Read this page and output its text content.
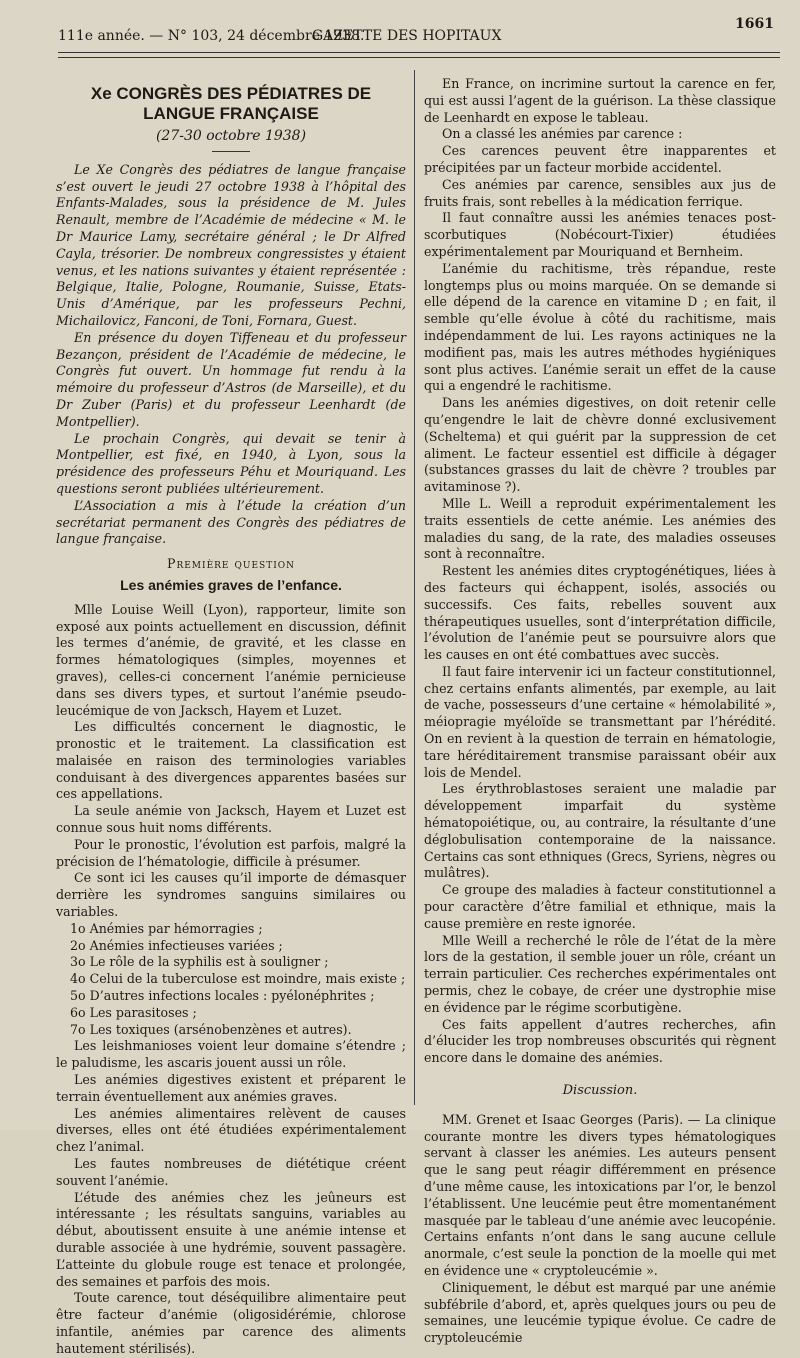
111e année. — N° 103, 24 décembre 1938.
GAZETTE DES HOPITAUX
1661

Xe CONGRÈS DES PÉDIATRES DE LANGUE FRANÇAISE

(27-30 octobre 1938)

Le Xe Congrès des pédiatres de langue française s’est ouvert le jeudi 27 octobre 1938 à l’hôpital des Enfants-Malades, sous la présidence de M. Jules Renault, membre de l’Académie de médecine « M. le Dr Maurice Lamy, secrétaire général ; le Dr Alfred Cayla, trésorier. De nombreux congressistes y étaient venus, et les nations suivantes y étaient représentée : Belgique, Italie, Pologne, Roumanie, Suisse, Etats-Unis d’Amérique, par les professeurs Pechni, Michailovicz, Fanconi, de Toni, Fornara, Guest.

En présence du doyen Tiffeneau et du professeur Bezançon, président de l’Académie de médecine, le Congrès fut ouvert. Un hommage fut rendu à la mémoire du professeur d’Astros (de Marseille), et du Dr Zuber (Paris) et du professeur Leenhardt (de Montpellier).

Le prochain Congrès, qui devait se tenir à Montpellier, est fixé, en 1940, à Lyon, sous la présidence des professeurs Péhu et Mouriquand. Les questions seront publiées ultérieurement.

L’Association a mis à l’étude la création d’un secrétariat permanent des Congrès des pédiatres de langue française.

Première question

Les anémies graves de l’enfance.

Mlle Louise Weill (Lyon), rapporteur, limite son exposé aux points actuellement en discussion, définit les termes d’anémie, de gravité, et les classe en formes hématologiques (simples, moyennes et graves), celles-ci concernent l’anémie pernicieuse dans ses divers types, et surtout l’anémie pseudo-leucémique de von Jacksch, Hayem et Luzet.

Les difficultés concernent le diagnostic, le pronostic et le traitement. La classification est malaisée en raison des terminologies variables conduisant à des divergences apparentes basées sur ces appellations.

La seule anémie von Jacksch, Hayem et Luzet est connue sous huit noms différents.

Pour le pronostic, l’évolution est parfois, malgré la précision de l’hématologie, difficile à présumer.

Ce sont ici les causes qu’il importe de démasquer derrière les syndromes sanguins similaires ou variables.

1o Anémies par hémorragies ;

2o Anémies infectieuses variées ;

3o Le rôle de la syphilis est à souligner ;

4o Celui de la tuberculose est moindre, mais existe ;

5o D’autres infections locales : pyélonéphrites ;

6o Les parasitoses ;

7o Les toxiques (arsénobenzènes et autres).

Les leishmanioses voient leur domaine s’étendre ; le paludisme, les ascaris jouent aussi un rôle.

Les anémies digestives existent et préparent le terrain éventuellement aux anémies graves.

Les anémies alimentaires relèvent de causes diverses, elles ont été étudiées expérimentalement chez l’animal.

Les fautes nombreuses de diététique créent souvent l’anémie.

L’étude des anémies chez les jeûneurs est intéressante ; les résultats sanguins, variables au début, aboutissent ensuite à une anémie intense et durable associée à une hydrémie, souvent passagère. L’atteinte du globule rouge est tenace et prolongée, des semaines et parfois des mois.

Toute carence, tout déséquilibre alimentaire peut être facteur d’anémie (oligosidérémie, chlorose infantile, anémies par carence des aliments hautement stérilisés).

En France, on incrimine surtout la carence en fer, qui est aussi l’agent de la guérison. La thèse classique de Leenhardt en expose le tableau.

On a classé les anémies par carence :

Ces carences peuvent être inapparentes et précipitées par un facteur morbide accidentel.

Ces anémies par carence, sensibles aux jus de fruits frais, sont rebelles à la médication ferrique.

Il faut connaître aussi les anémies tenaces post-scorbutiques (Nobécourt-Tixier) étudiées expérimentalement par Mouriquand et Bernheim.

L’anémie du rachitisme, très répandue, reste longtemps plus ou moins marquée. On se demande si elle dépend de la carence en vitamine D ; en fait, il semble qu’elle évolue à côté du rachitisme, mais indépendamment de lui. Les rayons actiniques ne la modifient pas, mais les autres méthodes hygiéniques sont plus actives. L’anémie serait un effet de la cause qui a engendré le rachitisme.

Dans les anémies digestives, on doit retenir celle qu’engendre le lait de chèvre donné exclusivement (Scheltema) et qui guérit par la suppression de cet aliment. Le facteur essentiel est difficile à dégager (substances grasses du lait de chèvre ? troubles par avitaminose ?).

Mlle L. Weill a reproduit expérimentalement les traits essentiels de cette anémie. Les anémies des maladies du sang, de la rate, des maladies osseuses sont à reconnaître.

Restent les anémies dites cryptogénétiques, liées à des facteurs qui échappent, isolés, associés ou successifs. Ces faits, rebelles souvent aux thérapeutiques usuelles, sont d’interprétation difficile, l’évolution de l’anémie peut se poursuivre alors que les causes en ont été combattues avec succès.

Il faut faire intervenir ici un facteur constitutionnel, chez certains enfants alimentés, par exemple, au lait de vache, possesseurs d’une certaine « hémolabilité », méiopragie myéloïde se transmettant par l’hérédité. On en revient à la question de terrain en hématologie, tare héréditairement transmise paraissant obéir aux lois de Mendel.

Les érythroblastoses seraient une maladie par développement imparfait du système hématopoiétique, ou, au contraire, la résultante d’une déglobulisation contemporaine de la naissance. Certains cas sont ethniques (Grecs, Syriens, nègres ou mulâtres).

Ce groupe des maladies à facteur constitutionnel a pour caractère d’être familial et ethnique, mais la cause première en reste ignorée.

Mlle Weill a recherché le rôle de l’état de la mère lors de la gestation, il semble jouer un rôle, créant un terrain particulier. Ces recherches expérimentales ont permis, chez le cobaye, de créer une dystrophie mise en évidence par le régime scorbutigène.

Ces faits appellent d’autres recherches, afin d’élucider les trop nombreuses obscurités qui règnent encore dans le domaine des anémies.

Discussion.

MM. Grenet et Isaac Georges (Paris). — La clinique courante montre les divers types hématologiques servant à classer les anémies. Les auteurs pensent que le sang peut réagir différemment en présence d’une même cause, les intoxications par l’or, le benzol l’établissent. Une leucémie peut être momentanément masquée par le tableau d’une anémie avec leucopénie. Certains enfants n’ont dans le sang aucune cellule anormale, c’est seule la ponction de la moelle qui met en évidence une « cryptoleucémie ».

Cliniquement, le début est marqué par une anémie subfébrile d’abord, et, après quelques jours ou peu de semaines, une leucémie typique évolue. Ce cadre de cryptoleucémie
